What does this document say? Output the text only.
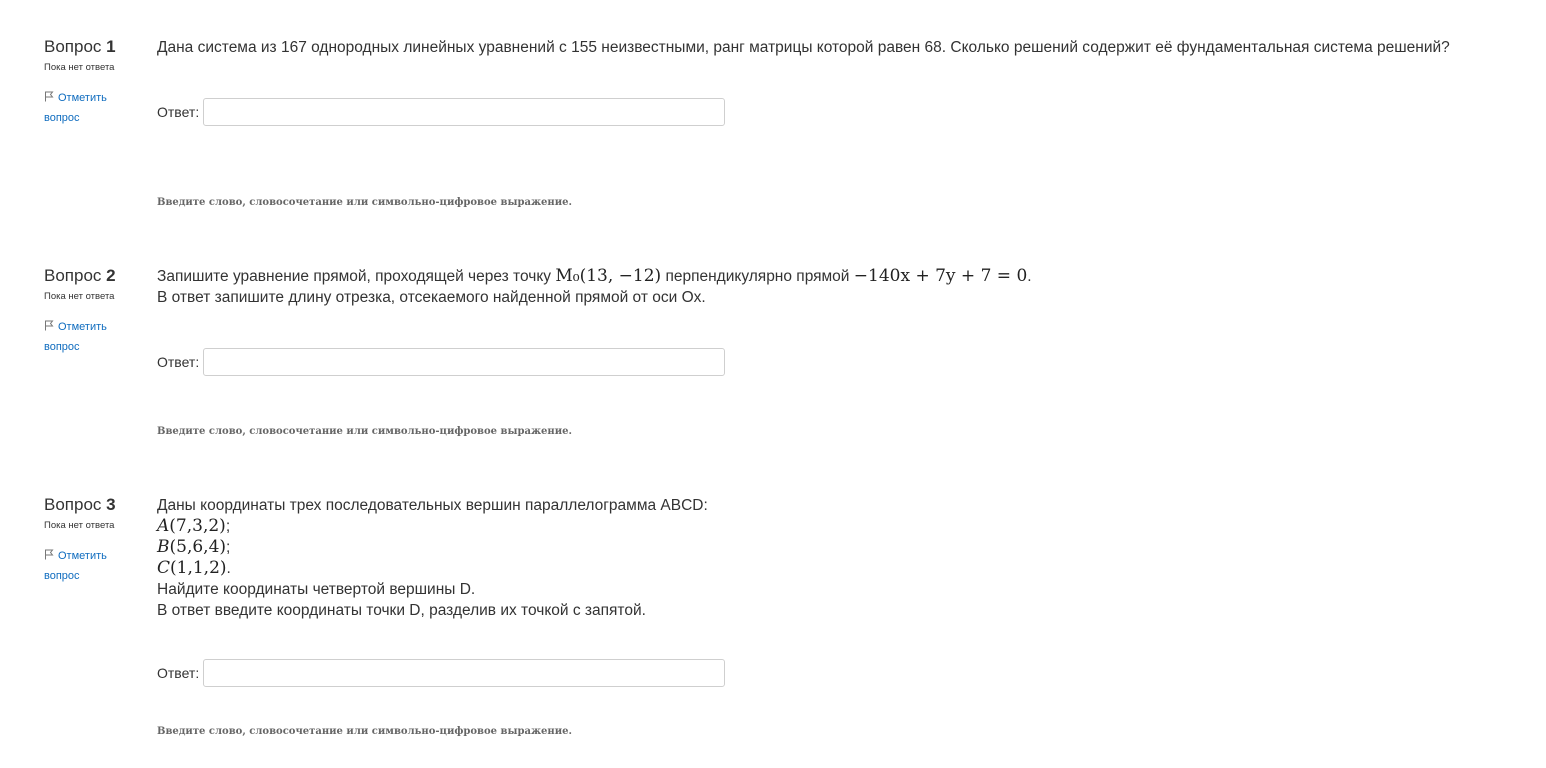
Вопрос 1
Пока нет ответа
Отметить вопрос
Дана система из 167 однородных линейных уравнений с 155 неизвестными, ранг матрицы которой равен 68. Сколько решений содержит её фундаментальная система решений?
Ответ:
Введите слово, словосочетание или символьно-цифровое выражение.
Вопрос 2
Пока нет ответа
Отметить вопрос
Запишите уравнение прямой, проходящей через точку M₀(13, −12) перпендикулярно прямой −140x + 7y + 7 = 0.
В ответ запишите длину отрезка, отсекаемого найденной прямой от оси Ox.
Ответ:
Введите слово, словосочетание или символьно-цифровое выражение.
Вопрос 3
Пока нет ответа
Отметить вопрос
Даны координаты трех последовательных вершин параллелограмма ABCD:
A(7,3,2);
B(5,6,4);
C(1,1,2).
Найдите координаты четвертой вершины D.
В ответ введите координаты точки D, разделив их точкой с запятой.
Ответ:
Введите слово, словосочетание или символьно-цифровое выражение.
